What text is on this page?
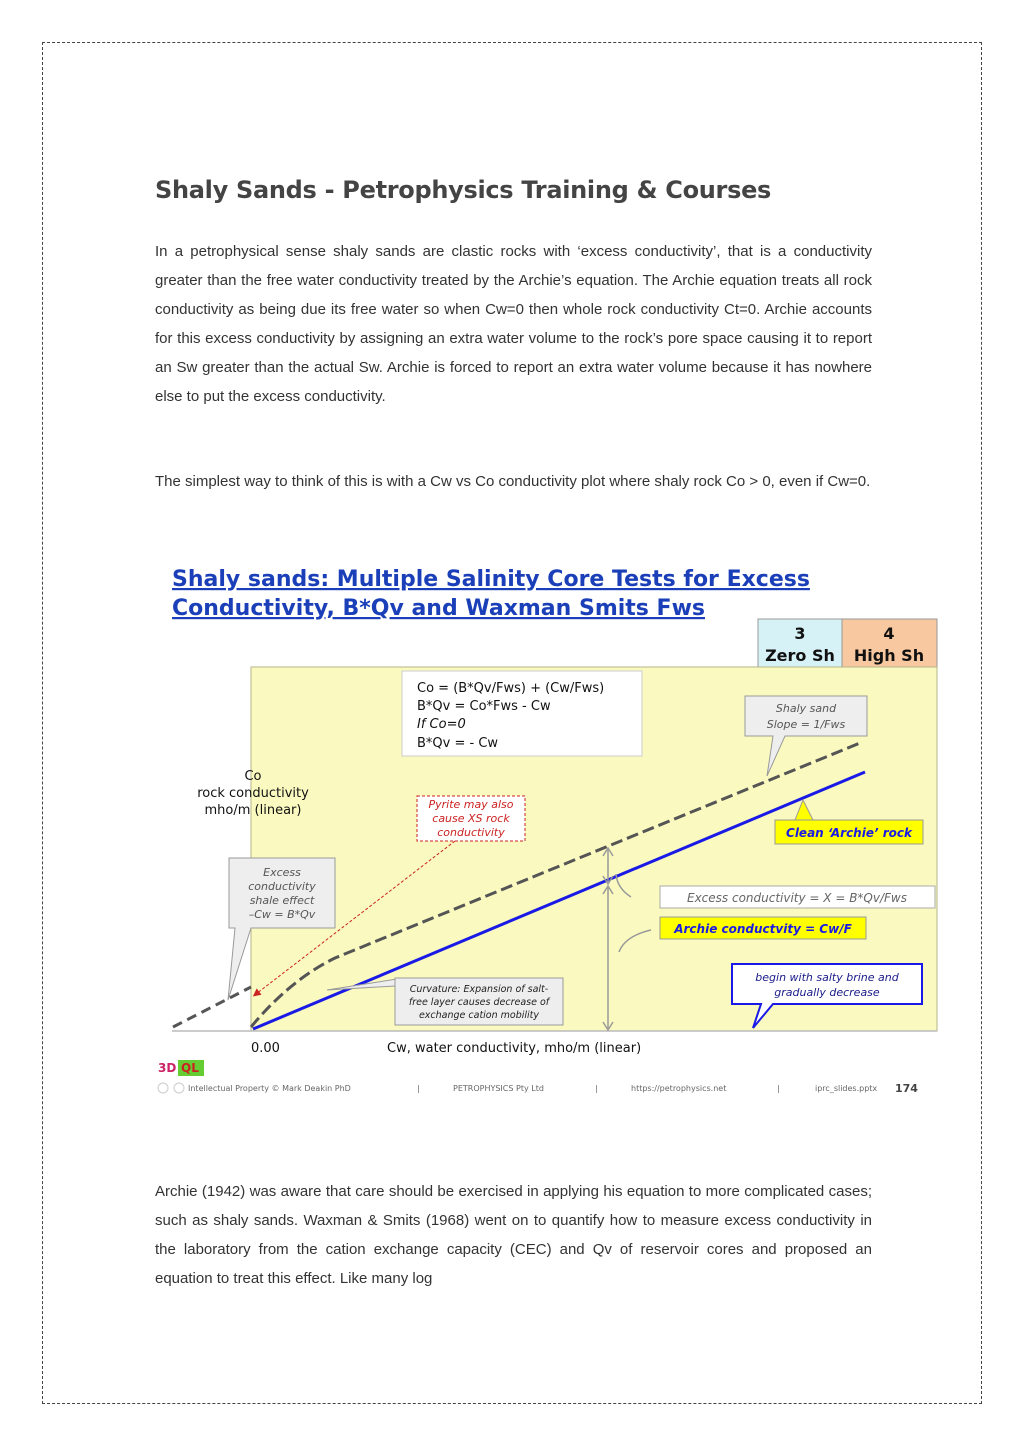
Shaly Sands - Petrophysics Training & Courses
In a petrophysical sense shaly sands are clastic rocks with ‘excess conductivity’, that is a conductivity greater than the free water conductivity treated by the Archie’s equation. The Archie equation treats all rock conductivity as being due its free water so when Cw=0 then whole rock conductivity Ct=0. Archie accounts for this excess conductivity by assigning an extra water volume to the rock’s pore space causing it to report an Sw greater than the actual Sw. Archie is forced to report an extra water volume because it has nowhere else to put the excess conductivity.
The simplest way to think of this is with a Cw vs Co conductivity plot where shaly rock Co > 0, even if Cw=0.
Shaly sands: Multiple Salinity Core Tests for Excess
Conductivity, B*Qv and Waxman Smits Fws
3
Zero Sh
4
High Sh
Co = (B*Qv/Fws) + (Cw/Fws)
B*Qv = Co*Fws - Cw
If Co=0
B*Qv = - Cw
Co
rock conductivity
mho/m (linear)	Pyrite may also
cause XS rock
conductivity
Excess
conductivity
shale effect
–Cw = B*Qv
Shaly sand
Slope = 1/Fws
Clean ‘Archie’ rock
Excess conductivity = X = B*Qv/Fws
Archie conductvity = Cw/F
begin with salty brine and
gradually decrease
Curvature: Expansion of salt-
free layer causes decrease of
exchange cation mobility
0.00	Cw, water conductivity, mho/m (linear)
3D QL
Intellectual Property © Mark Deakin PhD	|	PETROPHYSICS Pty Ltd	|	https://petrophysics.net	|	iprc_slides.pptx 174
Archie (1942) was aware that care should be exercised in applying his equation to more complicated cases; such as shaly sands. Waxman & Smits (1968) went on to quantify how to measure excess conductivity in the laboratory from the cation exchange capacity (CEC) and Qv of reservoir cores and proposed an equation to treat this effect. Like many log
